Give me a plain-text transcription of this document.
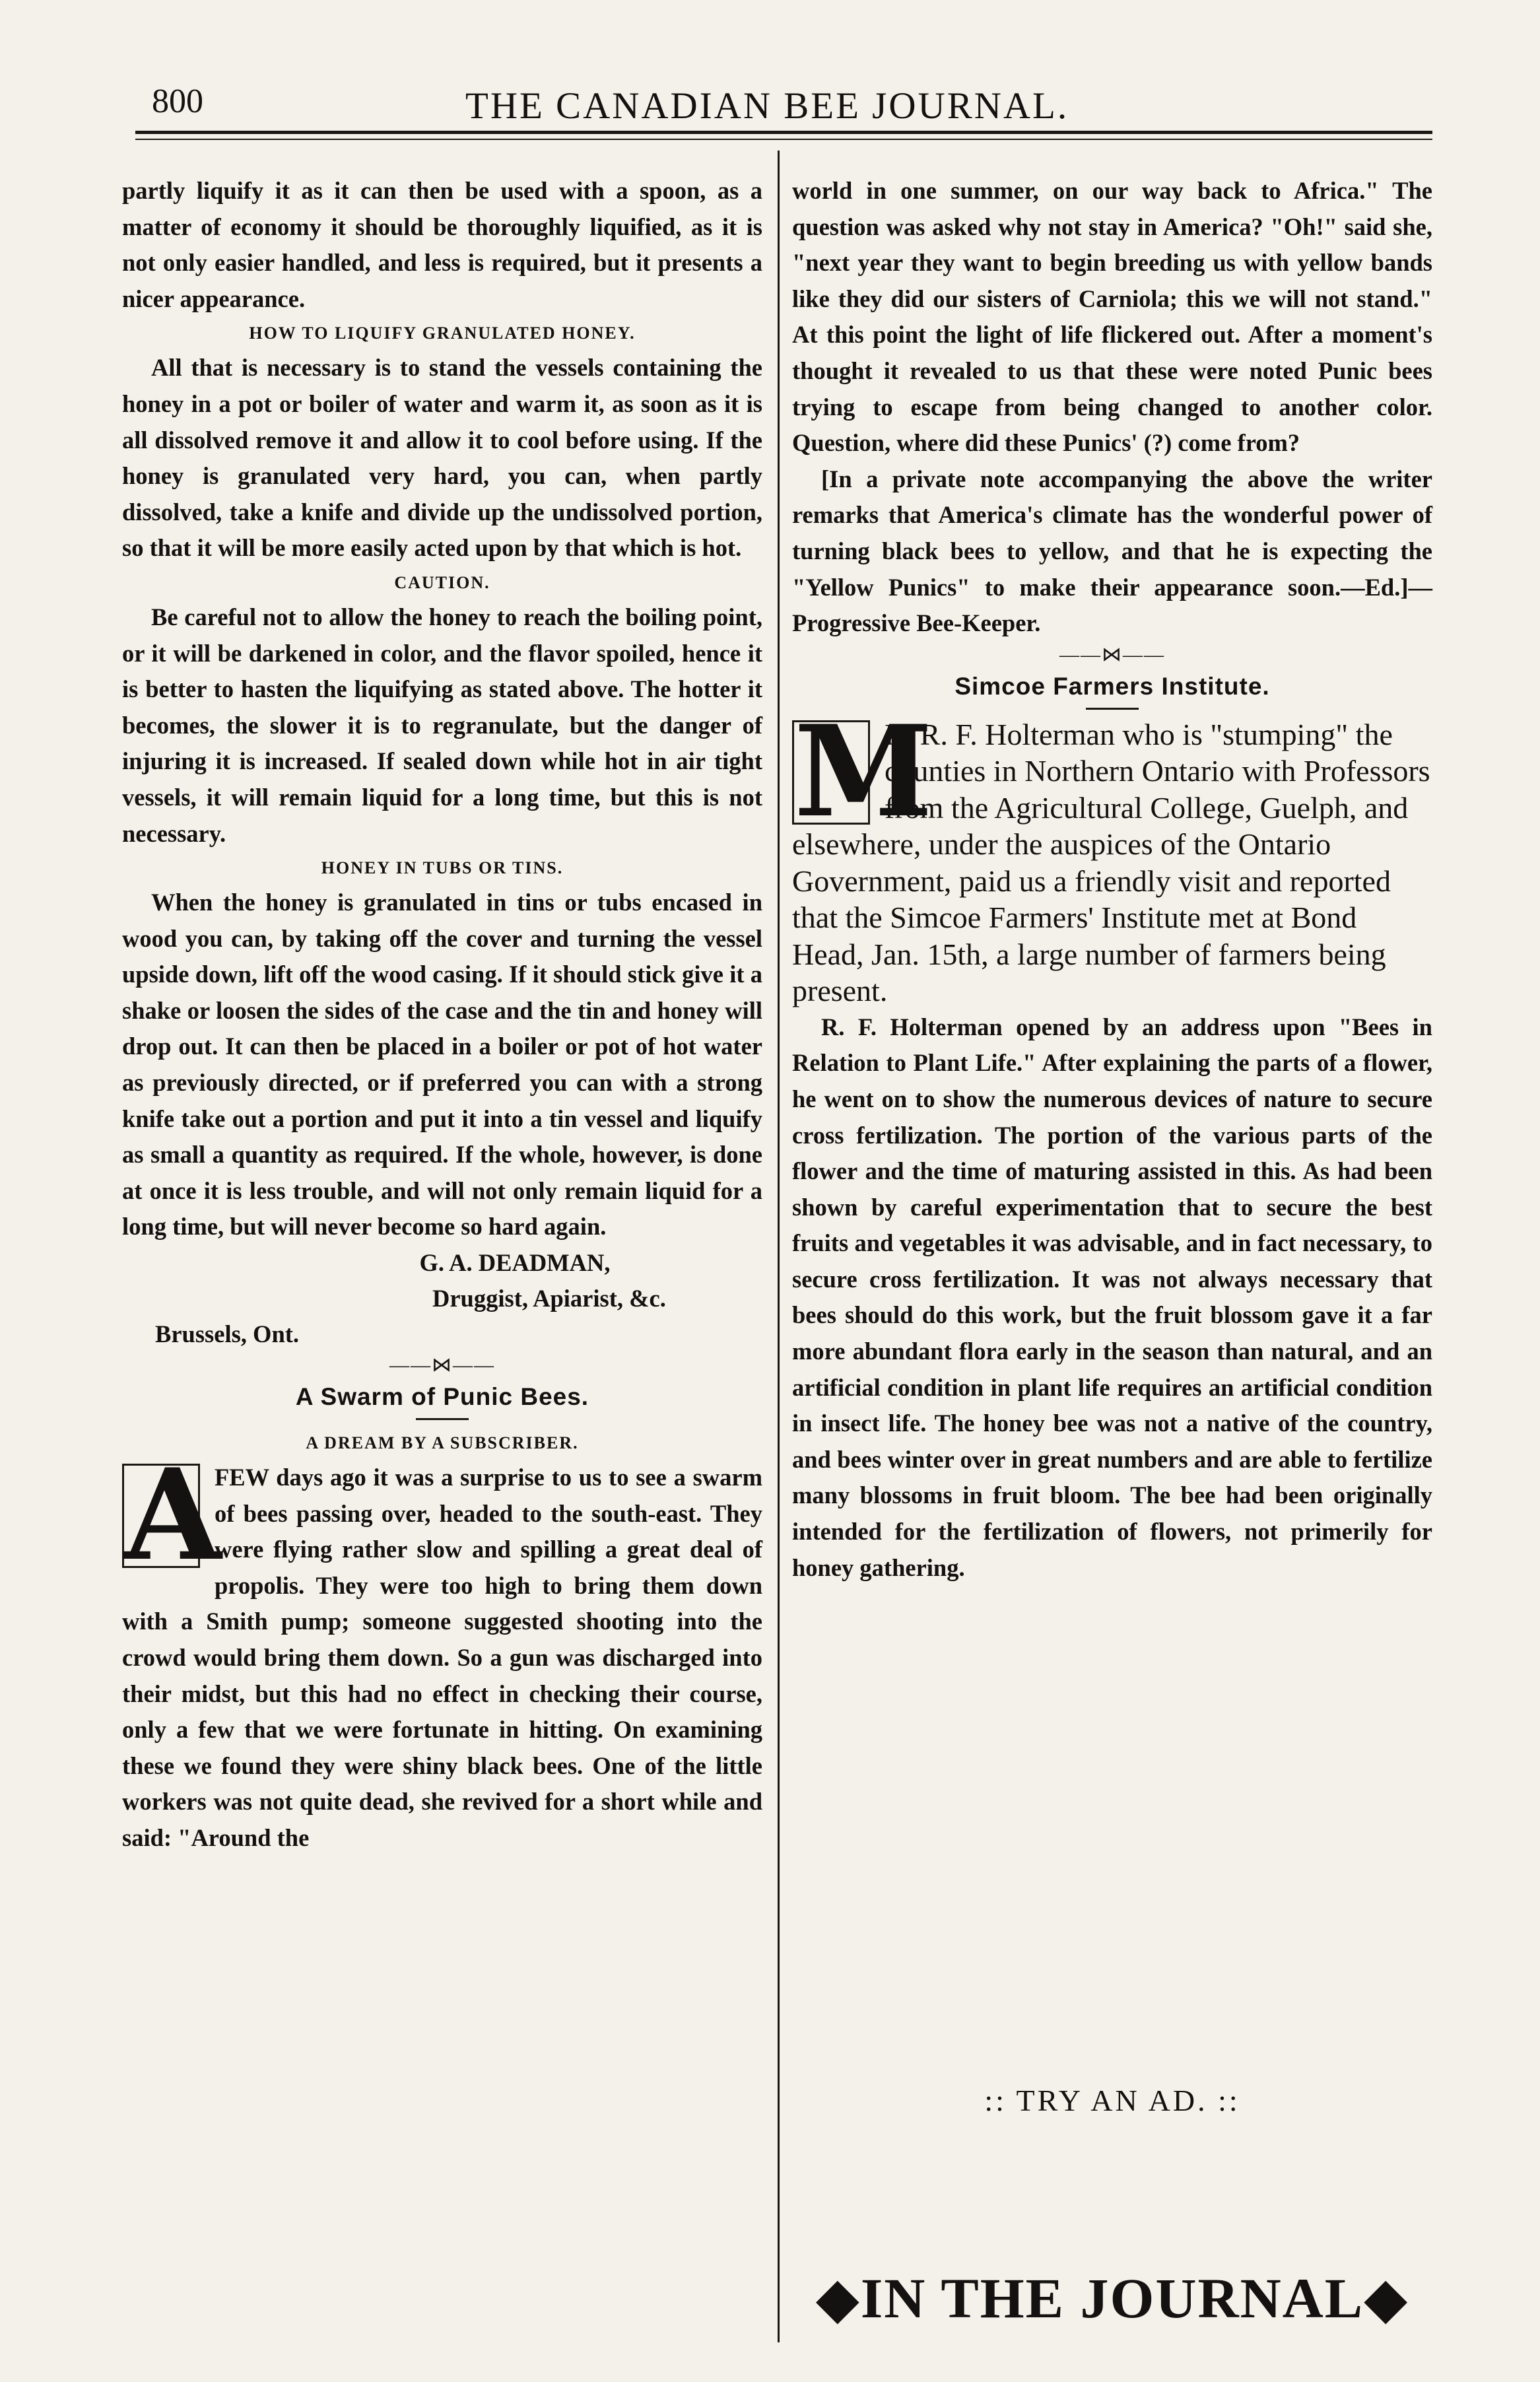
800	THE CANADIAN BEE JOURNAL.

partly liquify it as it can then be used with a spoon, as a matter of economy it should be thoroughly liquified, as it is not only easier handled, and less is required, but it presents a nicer appearance.

HOW TO LIQUIFY GRANULATED HONEY.

All that is necessary is to stand the vessels containing the honey in a pot or boiler of water and warm it, as soon as it is all dissolved remove it and allow it to cool before using. If the honey is granulated very hard, you can, when partly dissolved, take a knife and divide up the undissolved portion, so that it will be more easily acted upon by that which is hot.

CAUTION.

Be careful not to allow the honey to reach the boiling point, or it will be darkened in color, and the flavor spoiled, hence it is better to hasten the liquifying as stated above. The hotter it becomes, the slower it is to regranulate, but the danger of injuring it is increased. If sealed down while hot in air tight vessels, it will remain liquid for a long time, but this is not necessary.

HONEY IN TUBS OR TINS.

When the honey is granulated in tins or tubs encased in wood you can, by taking off the cover and turning the vessel upside down, lift off the wood casing. If it should stick give it a shake or loosen the sides of the case and the tin and honey will drop out. It can then be placed in a boiler or pot of hot water as previously directed, or if preferred you can with a strong knife take out a portion and put it into a tin vessel and liquify as small a quantity as required. If the whole, however, is done at once it is less trouble, and will not only remain liquid for a long time, but will never become so hard again.

G. A. DEADMAN,
Druggist, Apiarist, &c.
Brussels, Ont.
——⋈——
A Swarm of Punic Bees.
A DREAM BY A SUBSCRIBER.
A

FEW days ago it was a surprise to us to see a swarm of bees passing over, headed to the south-east. They were flying rather slow and spilling a great deal of propolis. They were too high to bring them down with a Smith pump; someone suggested shooting into the crowd would bring them down. So a gun was discharged into their midst, but this had no effect in checking their course, only a few that we were fortunate in hitting. On examining these we found they were shiny black bees. One of the little workers was not quite dead, she revived for a short while and said: "Around the

world in one summer, on our way back to Africa." The question was asked why not stay in America? "Oh!" said she, "next year they want to begin breeding us with yellow bands like they did our sisters of Carniola; this we will not stand." At this point the light of life flickered out. After a moment's thought it revealed to us that these were noted Punic bees trying to escape from being changed to another color. Question, where did these Punics' (?) come from?

[In a private note accompanying the above the writer remarks that America's climate has the wonderful power of turning black bees to yellow, and that he is expecting the "Yellow Punics" to make their appearance soon.—Ed.]— Progressive Bee-Keeper.

——⋈——
Simcoe Farmers Institute.
M

R. R. F. Holterman who is "stumping" the counties in Northern Ontario with Professors from the Agricultural College, Guelph, and elsewhere, under the auspices of the Ontario Government, paid us a friendly visit and reported that the Simcoe Farmers' Institute met at Bond Head, Jan. 15th, a large number of farmers being present.

R. F. Holterman opened by an address upon "Bees in Relation to Plant Life." After explaining the parts of a flower, he went on to show the numerous devices of nature to secure cross fertilization. The portion of the various parts of the flower and the time of maturing assisted in this. As had been shown by careful experimentation that to secure the best fruits and vegetables it was advisable, and in fact necessary, to secure cross fertilization. It was not always necessary that bees should do this work, but the fruit blossom gave it a far more abundant flora early in the season than natural, and an artificial condition in plant life requires an artificial condition in insect life. The honey bee was not a native of the country, and bees winter over in great numbers and are able to fertilize many blossoms in fruit bloom. The bee had been originally intended for the fertilization of flowers, not primerily for honey gathering.

:: TRY AN AD. ::
◆IN THE JOURNAL◆
